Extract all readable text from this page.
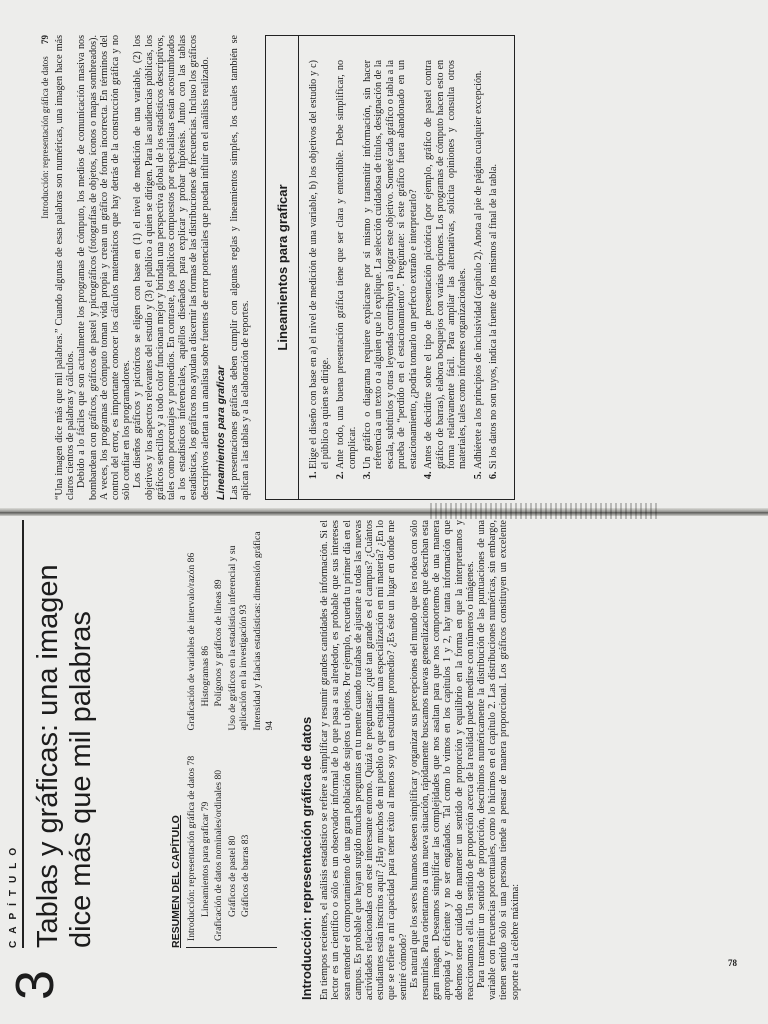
Introducción: representación gráfica de datos 79 “Una imagen dice más que mil palabras.” Cuando algunas de esas palabras son numéricas, una imagen hace más claros cientos de palabras y cálculos. Debido a lo fáciles que son actualmente los programas de cómputo, los medios de comunicación masiva nos bombardean con gráficos, gráficos de pastel y pictográficos (fotografías de objetos, íconos o mapas sombreados). A veces, los programas de cómputo toman vida propia y crean un gráfico de forma incorrecta. En términos del control del error, es importante conocer los cálculos matemáticos que hay detrás de la construcción gráfica y no sólo confiar en los programadores. Los diseños gráficos y pictóricos se eligen con base en (1) el nivel de medición de una variable, (2) los objetivos y los aspectos relevantes del estudio y (3) el público a quien se dirigen. Para las audiencias públicas, los gráficos sencillos y a todo color funcionan mejor y brindan una perspectiva global de los estadísticos descriptivos, tales como porcentajes y promedios. En contraste, los públicos compuestos por especialistas están acostumbrados a los estadísticos inferenciales, aquéllos diseñados para explicar y probar hipótesis. Junto con las tablas estadísticas, los gráficos nos ayudan a discernir las formas de las distribuciones de frecuencias. Incluso los gráficos descriptivos alertan a un analista sobre fuentes de error potenciales que puedan influir en el análisis realizado. Lineamientos para graficar Las presentaciones gráficas deben cumplir con algunas reglas y lineamientos simples, los cuales también se aplican a las tablas y a la elaboración de reportes.

Lineamientos para graficar	1. Elige el diseño con base en a) el nivel de medición de una variable, b) los objetivos del estudio y c) el público a quien se dirige. 2. Ante todo, una buena presentación gráfica tiene que ser clara y entendible. Debe simplificar, no complicar. 3. Un gráfico o diagrama requiere explicarse por sí mismo y transmitir información, sin hacer referencia a un texto o a alguien que lo explique. La selección cuidadosa de títulos, designación de la escala, subtítulos y otras leyendas contribuyen a lograr este objetivo. Someté cada gráfico o tabla a la prueba de “perdido en el estacionamiento”. Pregúntate: si este gráfico fuera abandonado en un estacionamiento, ¿podría tomarlo un perfecto extraño e interpretarlo? 4. Antes de decidirte sobre el tipo de presentación pictórica (por ejemplo, gráfico de pastel contra gráfico de barras), elabora bosquejos con varias opciones. Los programas de cómputo hacen esto en forma relativamente fácil. Para ampliar las alternativas, solicita opiniones y consulta otros materiales, tales como informes organizacionales. 5. Adhiérete a los principios de inclusividad (capítulo 2). Anota al pie de página cualquier excepción. 6. Si los datos no son tuyos, indica la fuente de los mismos al final de la tabla.
3
CAPÍTULO Tablas y gráficas: una imagen dice más que mil palabras	RESUMEN DEL CAPÍTULO Introducción: representación gráfica de datos 78 Lineamientos para graficar 79 Graficación de datos nominales/ordinales 80 Gráficos de pastel 80 Gráficos de barras 83
Graficación de variables de intervalo/razón 86 Histogramas 86 Polígonos y gráficos de líneas 89 Uso de gráficos en la estadística inferencial y su aplicación en la investigación 93 Intensidad y falacias estadísticas: dimensión gráfica 94 Introducción: representación gráfica de datos En tiempos recientes, el análisis estadístico se refiere a simplificar y resumir grandes cantidades de información. Si el lector es un científico o sólo es un observador informal de lo que pasa a su alrededor, es probable que sus intereses sean entender el comportamiento de una gran población de sujetos u objetos. Por ejemplo, recuerda tu primer día en el campus. Es probable que hayan surgido muchas preguntas en tu mente cuando tratabas de ajustarte a todas las nuevas actividades relacionadas con este interesante entorno. Quizá te preguntaste: ¿qué tan grande es el campus? ¿Cuántos estudiantes están inscritos aquí? ¿Hay muchos de mi pueblo o que estudian una especialización en mi materia? ¿En lo que se refiere a mi capacidad para tener éxito al menos soy un estudiante promedio? ¿Es éste un lugar en donde me sentiré cómodo? Es natural que los seres humanos deseen simplificar y organizar sus percepciones del mundo que les rodea con sólo resumirlas. Para orientarnos a una nueva situación, rápidamente buscamos nuevas generalizaciones que describan esta gran imagen. Deseamos simplificar las complejidades que nos asaltan para que nos comportemos de una manera apropiada y eficiente y no ser engañados. Tal como lo vimos en los capítulos 1 y 2, hay tanta información que debemos tener cuidado de mantener un sentido de proporción y equilibrio en la forma en que la interpretamos y reaccionamos a ella. Un sentido de proporción acerca de la realidad puede medirse con números o imágenes. Para transmitir un sentido de proporción, describimos numéricamente la distribución de las puntuaciones de una variable con frecuencias porcentuales, como lo hicimos en el capítulo 2. Las distribuciones numéricas, sin embargo, tienen sentido sólo si una persona tiende a pensar de manera proporcional. Los gráficos constituyen un excelente soporte a la célebre máxima:	78
